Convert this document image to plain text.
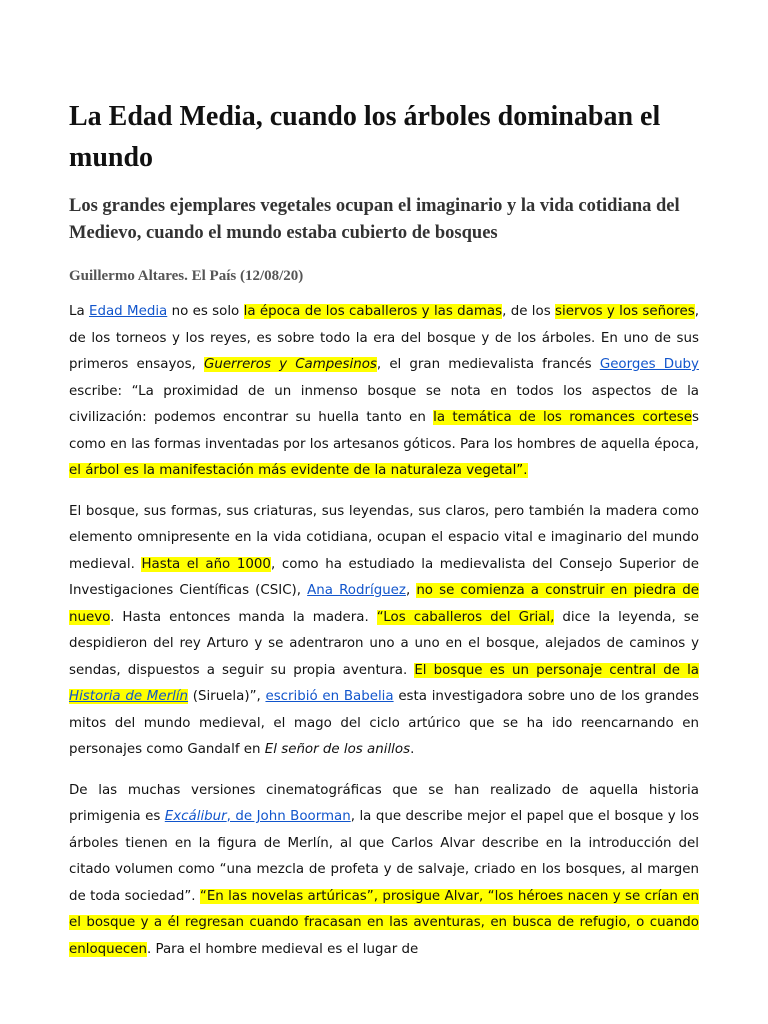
La Edad Media, cuando los árboles dominaban el mundo
Los grandes ejemplares vegetales ocupan el imaginario y la vida cotidiana del Medievo, cuando el mundo estaba cubierto de bosques
Guillermo Altares. El País (12/08/20)

La Edad Media no es solo la época de los caballeros y las damas, de los siervos y los señores, de los torneos y los reyes, es sobre todo la era del bosque y de los árboles. En uno de sus primeros ensayos, Guerreros y Campesinos, el gran medievalista francés Georges Duby escribe: “La proximidad de un inmenso bosque se nota en todos los aspectos de la civilización: podemos encontrar su huella tanto en la temática de los romances corteses como en las formas inventadas por los artesanos góticos. Para los hombres de aquella época, el árbol es la manifestación más evidente de la naturaleza vegetal”.

El bosque, sus formas, sus criaturas, sus leyendas, sus claros, pero también la madera como elemento omnipresente en la vida cotidiana, ocupan el espacio vital e imaginario del mundo medieval. Hasta el año 1000, como ha estudiado la medievalista del Consejo Superior de Investigaciones Científicas (CSIC), Ana Rodríguez, no se comienza a construir en piedra de nuevo. Hasta entonces manda la madera. “Los caballeros del Grial, dice la leyenda, se despidieron del rey Arturo y se adentraron uno a uno en el bosque, alejados de caminos y sendas, dispuestos a seguir su propia aventura. El bosque es un personaje central de la Historia de Merlín (Siruela)”, escribió en Babelia esta investigadora sobre uno de los grandes mitos del mundo medieval, el mago del ciclo artúrico que se ha ido reencarnando en personajes como Gandalf en El señor de los anillos.

De las muchas versiones cinematográficas que se han realizado de aquella historia primigenia es Excálibur, de John Boorman, la que describe mejor el papel que el bosque y los árboles tienen en la figura de Merlín, al que Carlos Alvar describe en la introducción del citado volumen como “una mezcla de profeta y de salvaje, criado en los bosques, al margen de toda sociedad”. “En las novelas artúricas”, prosigue Alvar, “los héroes nacen y se crían en el bosque y a él regresan cuando fracasan en las aventuras, en busca de refugio, o cuando enloquecen. Para el hombre medieval es el lugar de
